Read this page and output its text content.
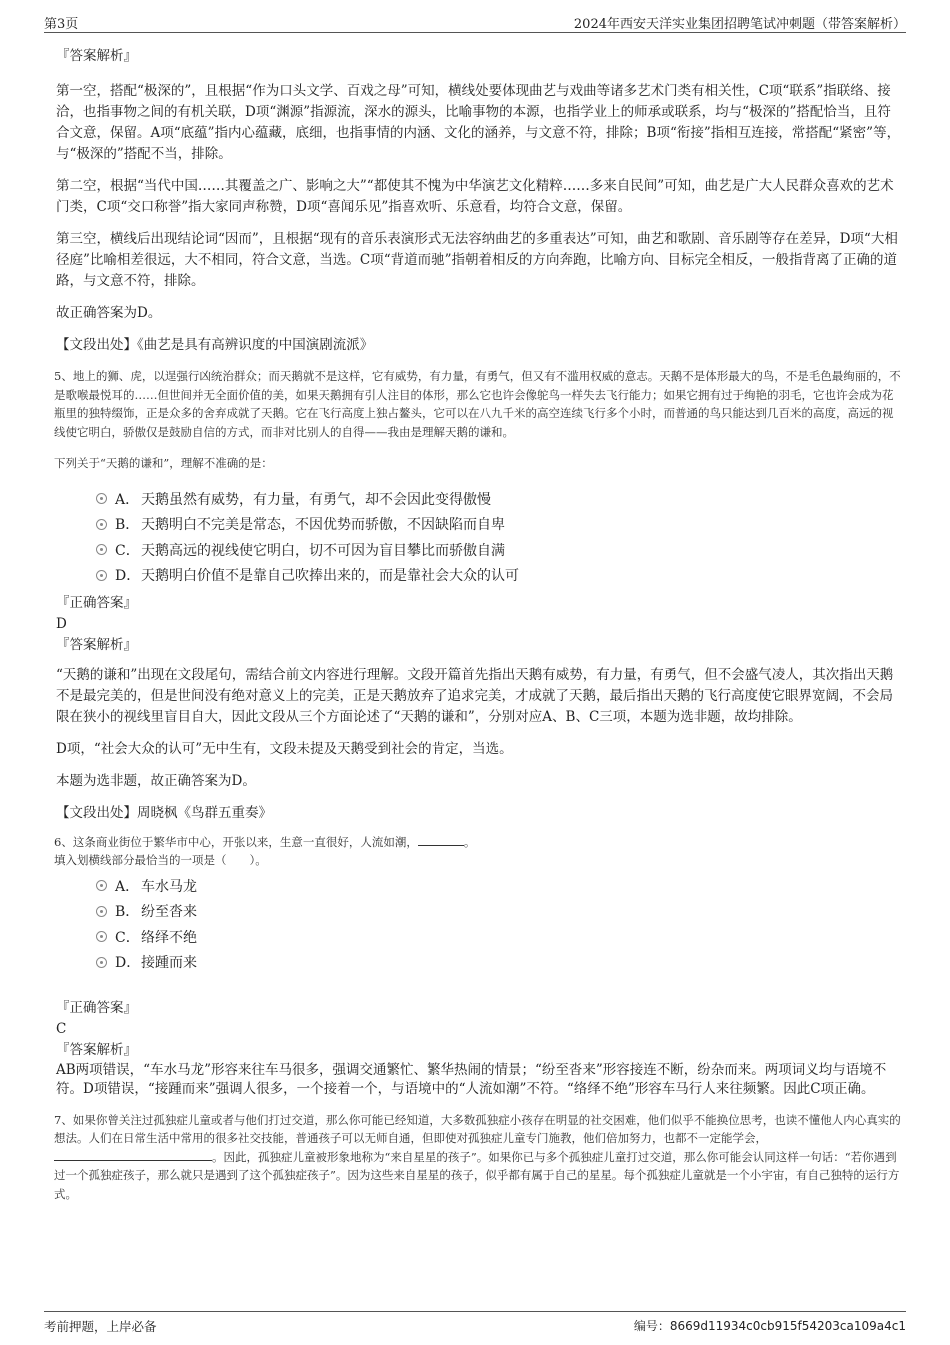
第3页	2024年西安天洋实业集团招聘笔试冲刺题（带答案解析）

『答案解析』

第一空，搭配“极深的”，且根据“作为口头文学、百戏之母”可知，横线处要体现曲艺与戏曲等诸多艺术门类有相关性，C项“联系”指联络、接洽，也指事物之间的有机关联，D项“渊源”指源流，深水的源头，比喻事物的本源，也指学业上的师承或联系，均与“极深的”搭配恰当，且符合文意，保留。A项“底蕴”指内心蕴藏，底细，也指事情的内涵、文化的涵养，与文意不符，排除；B项“衔接”指相互连接，常搭配“紧密”等，与“极深的”搭配不当，排除。

第二空，根据“当代中国……其覆盖之广、影响之大”“都使其不愧为中华演艺文化精粹……多来自民间”可知，曲艺是广大人民群众喜欢的艺术门类，C项“交口称誉”指大家同声称赞，D项“喜闻乐见”指喜欢听、乐意看，均符合文意，保留。

第三空，横线后出现结论词“因而”，且根据“现有的音乐表演形式无法容纳曲艺的多重表达”可知，曲艺和歌剧、音乐剧等存在差异，D项“大相径庭”比喻相差很远，大不相同，符合文意，当选。C项“背道而驰”指朝着相反的方向奔跑，比喻方向、目标完全相反，一般指背离了正确的道路，与文意不符，排除。

故正确答案为D。

【文段出处】《曲艺是具有高辨识度的中国演剧流派》

5、地上的狮、虎，以逞强行凶统治群众；而天鹅就不是这样，它有威势，有力量，有勇气，但又有不滥用权威的意志。天鹅不是体形最大的鸟，不是毛色最绚丽的，不是歌喉最悦耳的……但世间并无全面价值的美，如果天鹅拥有引人注目的体形，那么它也许会像鸵鸟一样失去飞行能力；如果它拥有过于绚艳的羽毛，它也许会成为花瓶里的独特缀饰，正是众多的舍弃成就了天鹅。它在飞行高度上独占鳌头，它可以在八九千米的高空连续飞行多个小时，而普通的鸟只能达到几百米的高度，高远的视线使它明白，骄傲仅是鼓励自信的方式，而非对比别人的自得——我由是理解天鹅的谦和。

下列关于“天鹅的谦和”，理解不准确的是：

A． 天鹅虽然有威势，有力量，有勇气，却不会因此变得傲慢
B． 天鹅明白不完美是常态，不因优势而骄傲，不因缺陷而自卑
C．天鹅高远的视线使它明白，切不可因为盲目攀比而骄傲自满
D．天鹅明白价值不是靠自己吹捧出来的，而是靠社会大众的认可

『正确答案』

D

『答案解析』

“天鹅的谦和”出现在文段尾句，需结合前文内容进行理解。文段开篇首先指出天鹅有威势，有力量，有勇气，但不会盛气凌人，其次指出天鹅不是最完美的，但是世间没有绝对意义上的完美，正是天鹅放弃了追求完美，才成就了天鹅，最后指出天鹅的飞行高度使它眼界宽阔，不会局限在狭小的视线里盲目自大，因此文段从三个方面论述了“天鹅的谦和”，分别对应A、B、C三项，本题为选非题，故均排除。

D项，“社会大众的认可”无中生有，文段未提及天鹅受到社会的肯定，当选。

本题为选非题，故正确答案为D。

【文段出处】周晓枫《鸟群五重奏》

6、这条商业街位于繁华市中心，开张以来，生意一直很好，人流如潮，	。

填入划横线部分最恰当的一项是（　　）。

A． 车水马龙
B． 纷至沓来
C．络绎不绝
D．接踵而来

『正确答案』

C

『答案解析』

AB两项错误，“车水马龙”形容来往车马很多，强调交通繁忙、繁华热闹的情景；“纷至沓来”形容接连不断，纷杂而来。两项词义均与语境不符。D项错误，“接踵而来”强调人很多，一个接着一个，与语境中的“人流如潮”不符。“络绎不绝”形容车马行人来往频繁。因此C项正确。

7、如果你曾关注过孤独症儿童或者与他们打过交道，那么你可能已经知道，大多数孤独症小孩存在明显的社交困难，他们似乎不能换位思考，也读不懂他人内心真实的想法。人们在日常生活中常用的很多社交技能，普通孩子可以无师自通，但即使对孤独症儿童专门施教，他们倍加努力，也都不一定能学会，。因此，孤独症儿童被形象地称为“来自星星的孩子”。如果你已与多个孤独症儿童打过交道，那么你可能会认同这样一句话：“若你遇到过一个孤独症孩子，那么就只是遇到了这个孤独症孩子”。因为这些来自星星的孩子，似乎都有属于自己的星星。每个孤独症儿童就是一个小宇宙，有自己独特的运行方式。

考前押题，上岸必备	编号：8669d11934c0cb915f54203ca109a4c1
